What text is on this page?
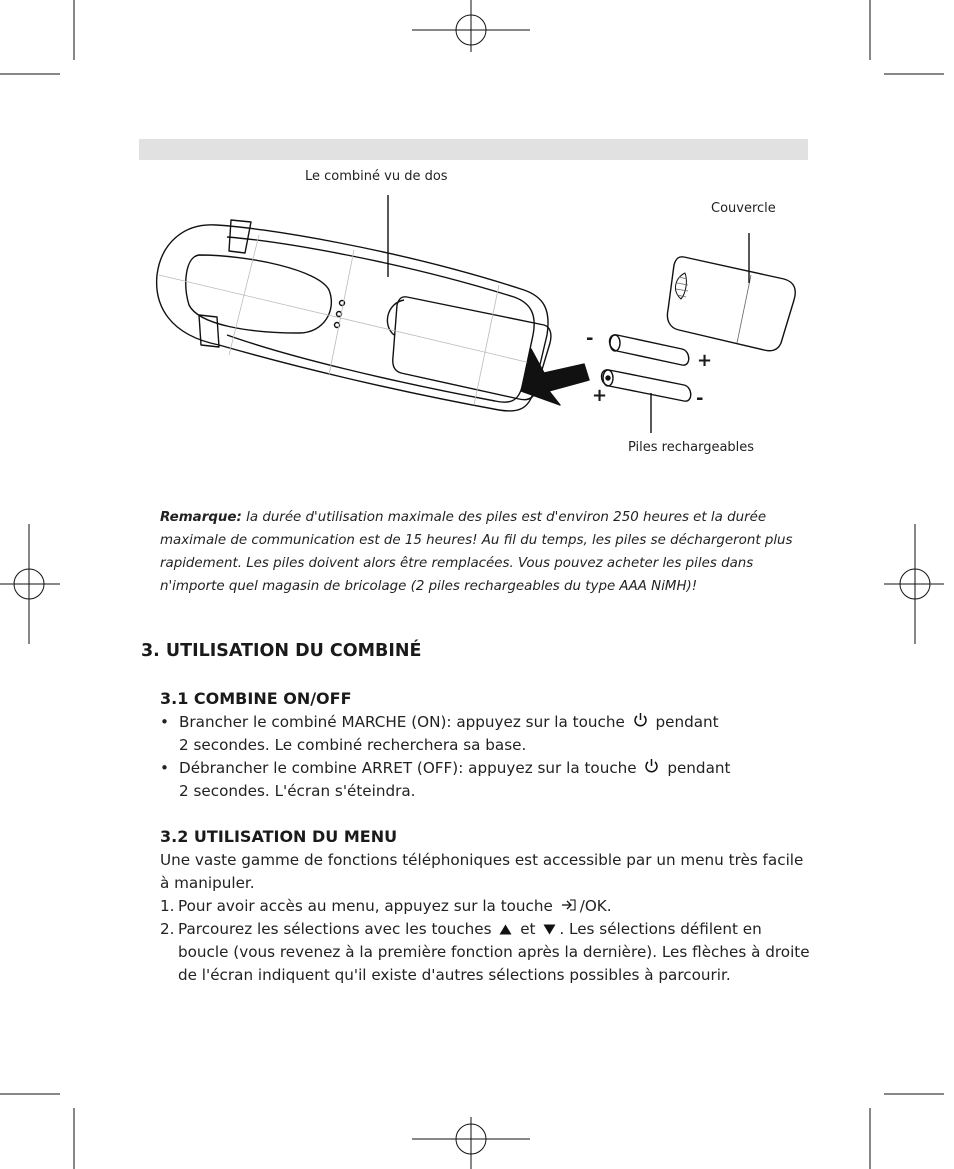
Le combiné vu de dos
Couvercle
Piles rechargeables
-
+
+	-
Remarque: la durée d'utilisation maximale des piles est d'environ 250 heures et la durée maximale de communication est de 15 heures! Au fil du temps, les piles se déchargeront plus rapidement. Les piles doivent alors être remplacées. Vous pouvez acheter les piles dans n'importe quel magasin de bricolage (2 piles rechargeables du type AAA NiMH)!
3. UTILISATION DU COMBINÉ
3.1 COMBINE ON/OFF
• Brancher le combiné MARCHE (ON): appuyez sur la touche pendant
2 secondes. Le combiné recherchera sa base.
• Débrancher le combine ARRET (OFF): appuyez sur la touche pendant
2 secondes. L'écran s'éteindra.
3.2 UTILISATION DU MENU
Une vaste gamme de fonctions téléphoniques est accessible par un menu très facile à manipuler.
1. Pour avoir accès au menu, appuyez sur la touche /OK.
2. Parcourez les sélections avec les touches et . Les sélections défilent en boucle (vous revenez à la première fonction après la dernière). Les flèches à droite de l'écran indiquent qu'il existe d'autres sélections possibles à parcourir.
